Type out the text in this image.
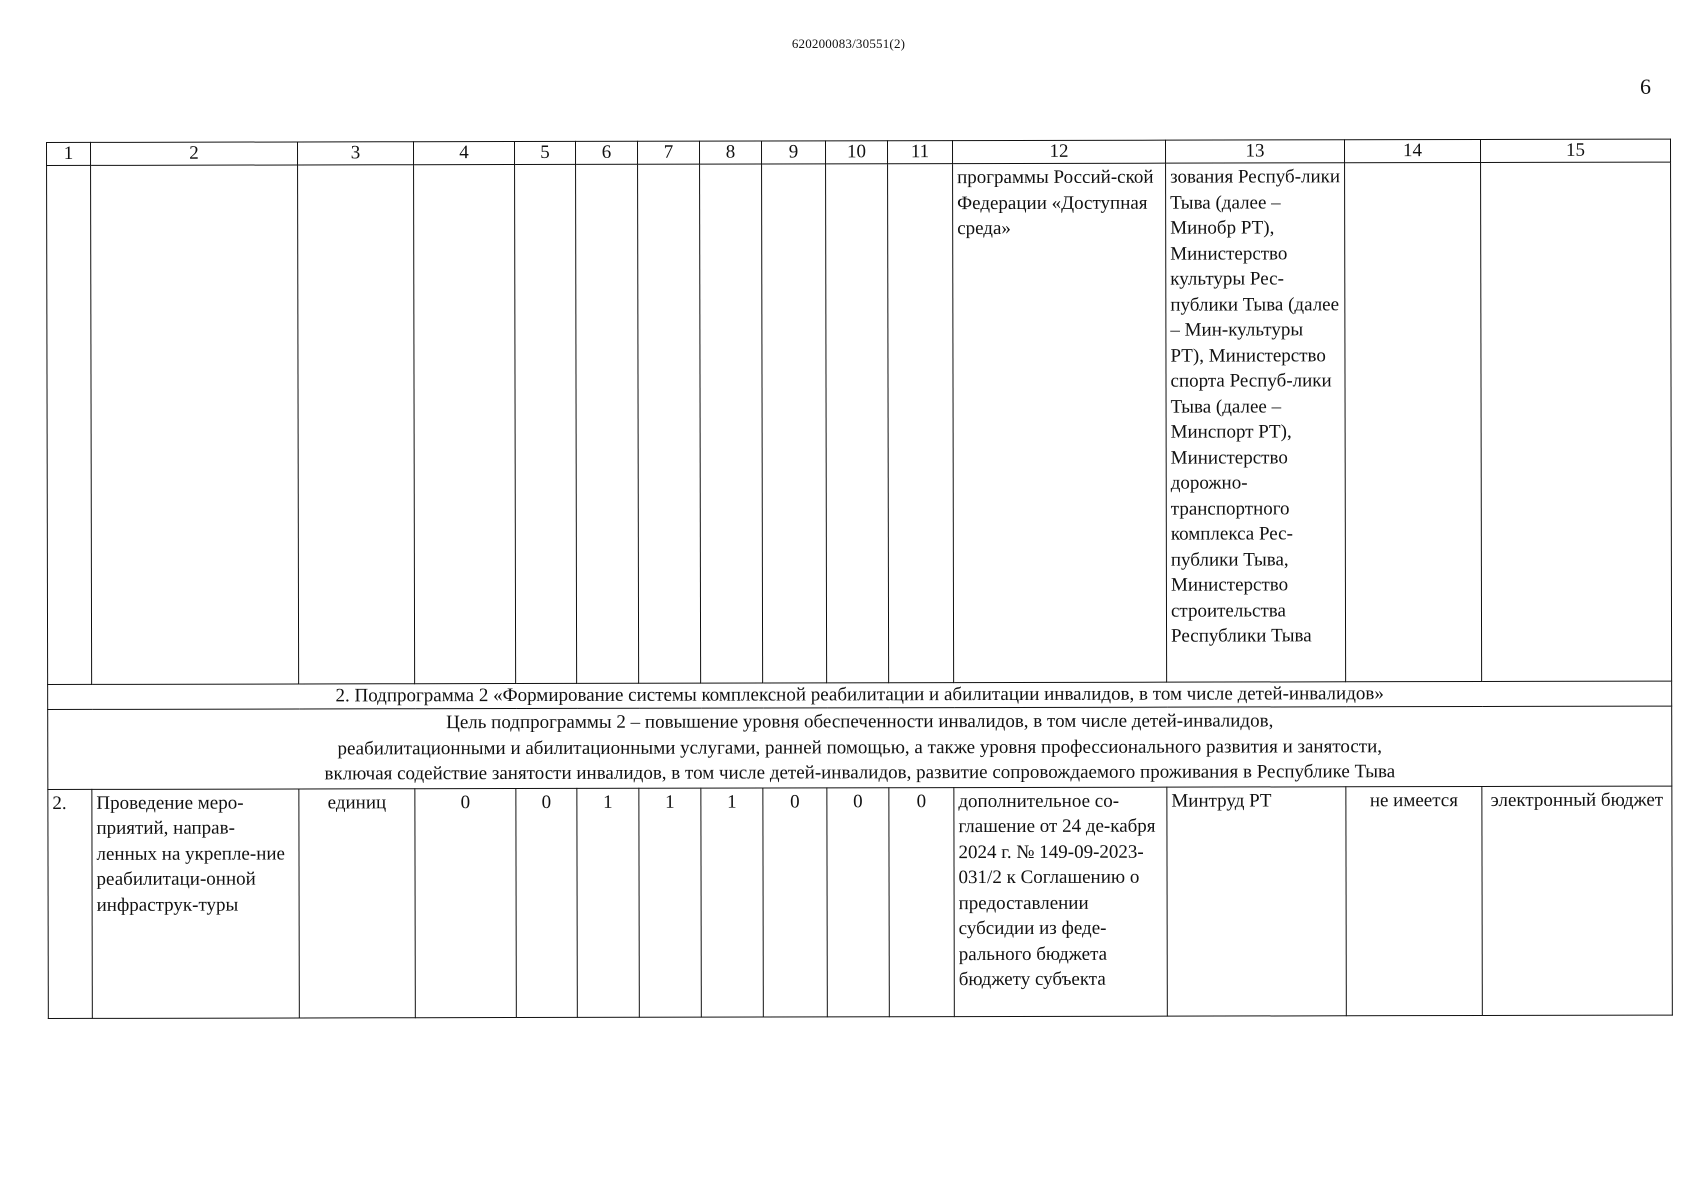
620200083/30551(2)
6
1	2	3	4	5	6	7	8	9	10	11	12	13	14	15
											программы Россий-ской Федерации «Доступная среда»	зования Респуб-лики Тыва (далее – Минобр РТ), Министерство культуры Рес-публики Тыва (далее – Мин-культуры РТ), Министерство спорта Респуб-лики Тыва (далее – Минспорт РТ), Министерство дорожно-транспортного комплекса Рес-публики Тыва, Министерство строительства Республики Тыва		
2. Подпрограмма 2 «Формирование системы комплексной реабилитации и абилитации инвалидов, в том числе детей-инвалидов»														

Цель подпрограммы 2 – повышение уровня обеспеченности инвалидов, в том числе детей-инвалидов,
реабилитационными и абилитационными услугами, ранней помощью, а также уровня профессионального развития и занятости,
включая содействие занятости инвалидов, в том числе детей-инвалидов, развитие сопровождаемого проживания в Республике Тыва														

2.	Проведение меро-приятий, направ-ленных на укрепле-ние реабилитаци-онной инфраструк-туры	единиц	0	0	1	1	1	0	0	0	дополнительное со-глашение от 24 де-кабря 2024 г. № 149-09-2023-031/2 к Соглашению о предоставлении субсидии из феде-рального бюджета бюджету субъекта	Минтруд РТ	не имеется	электронный бюджет
